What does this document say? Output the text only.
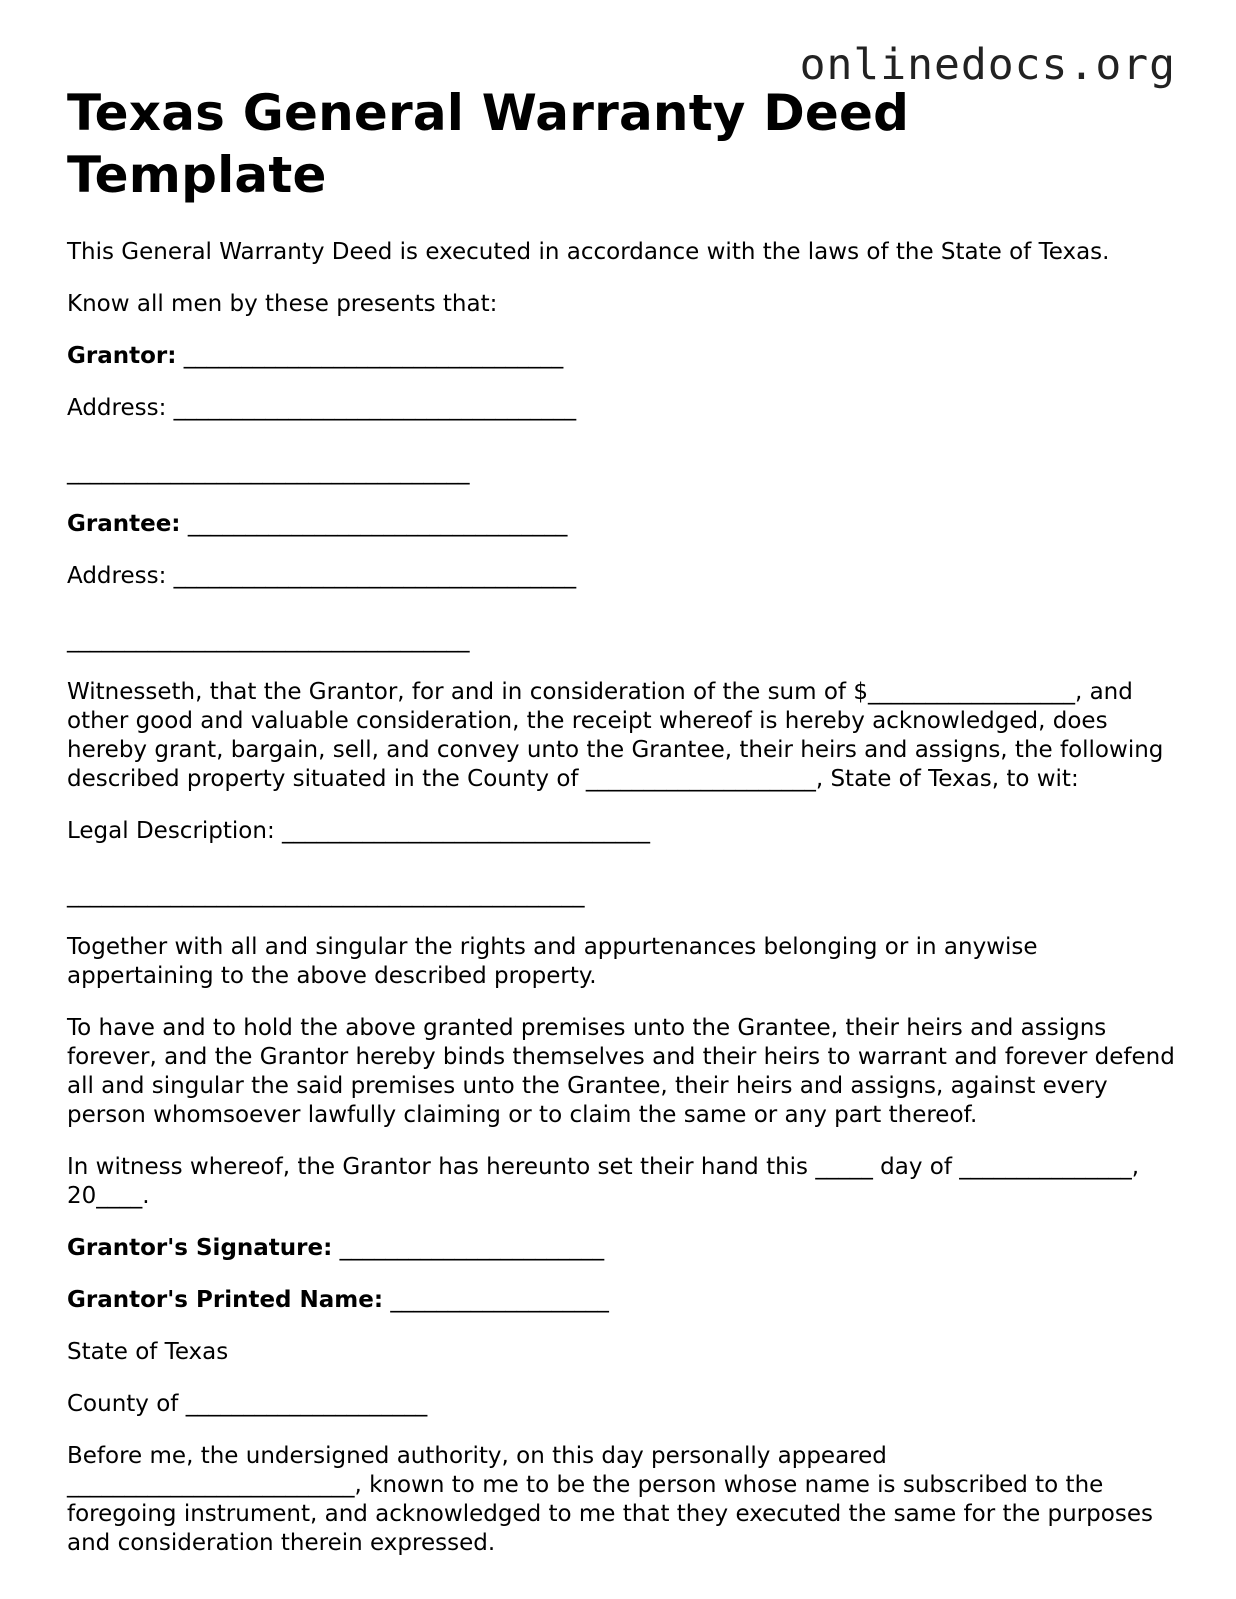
onlinedocs.org
Texas General Warranty Deed Template

This General Warranty Deed is executed in accordance with the laws of the State of Texas.

Know all men by these presents that:

Grantor: _________________________________

Address: ___________________________________

___________________________________

Grantee: _________________________________

Address: ___________________________________

___________________________________

Witnesseth, that the Grantor, for and in consideration of the sum of $__________________, and other good and valuable consideration, the receipt whereof is hereby acknowledged, does hereby grant, bargain, sell, and convey unto the Grantee, their heirs and assigns, the following described property situated in the County of ____________________, State of Texas, to wit:

Legal Description: ________________________________

_____________________________________________

Together with all and singular the rights and appurtenances belonging or in anywise appertaining to the above described property.

To have and to hold the above granted premises unto the Grantee, their heirs and assigns forever, and the Grantor hereby binds themselves and their heirs to warrant and forever defend all and singular the said premises unto the Grantee, their heirs and assigns, against every person whomsoever lawfully claiming or to claim the same or any part thereof.

In witness whereof, the Grantor has hereunto set their hand this _____ day of _______________, 20____.

Grantor's Signature: _______________________

Grantor's Printed Name: ___________________

State of Texas

County of _____________________

Before me, the undersigned authority, on this day personally appeared _________________________, known to me to be the person whose name is subscribed to the foregoing instrument, and acknowledged to me that they executed the same for the purposes and consideration therein expressed.
